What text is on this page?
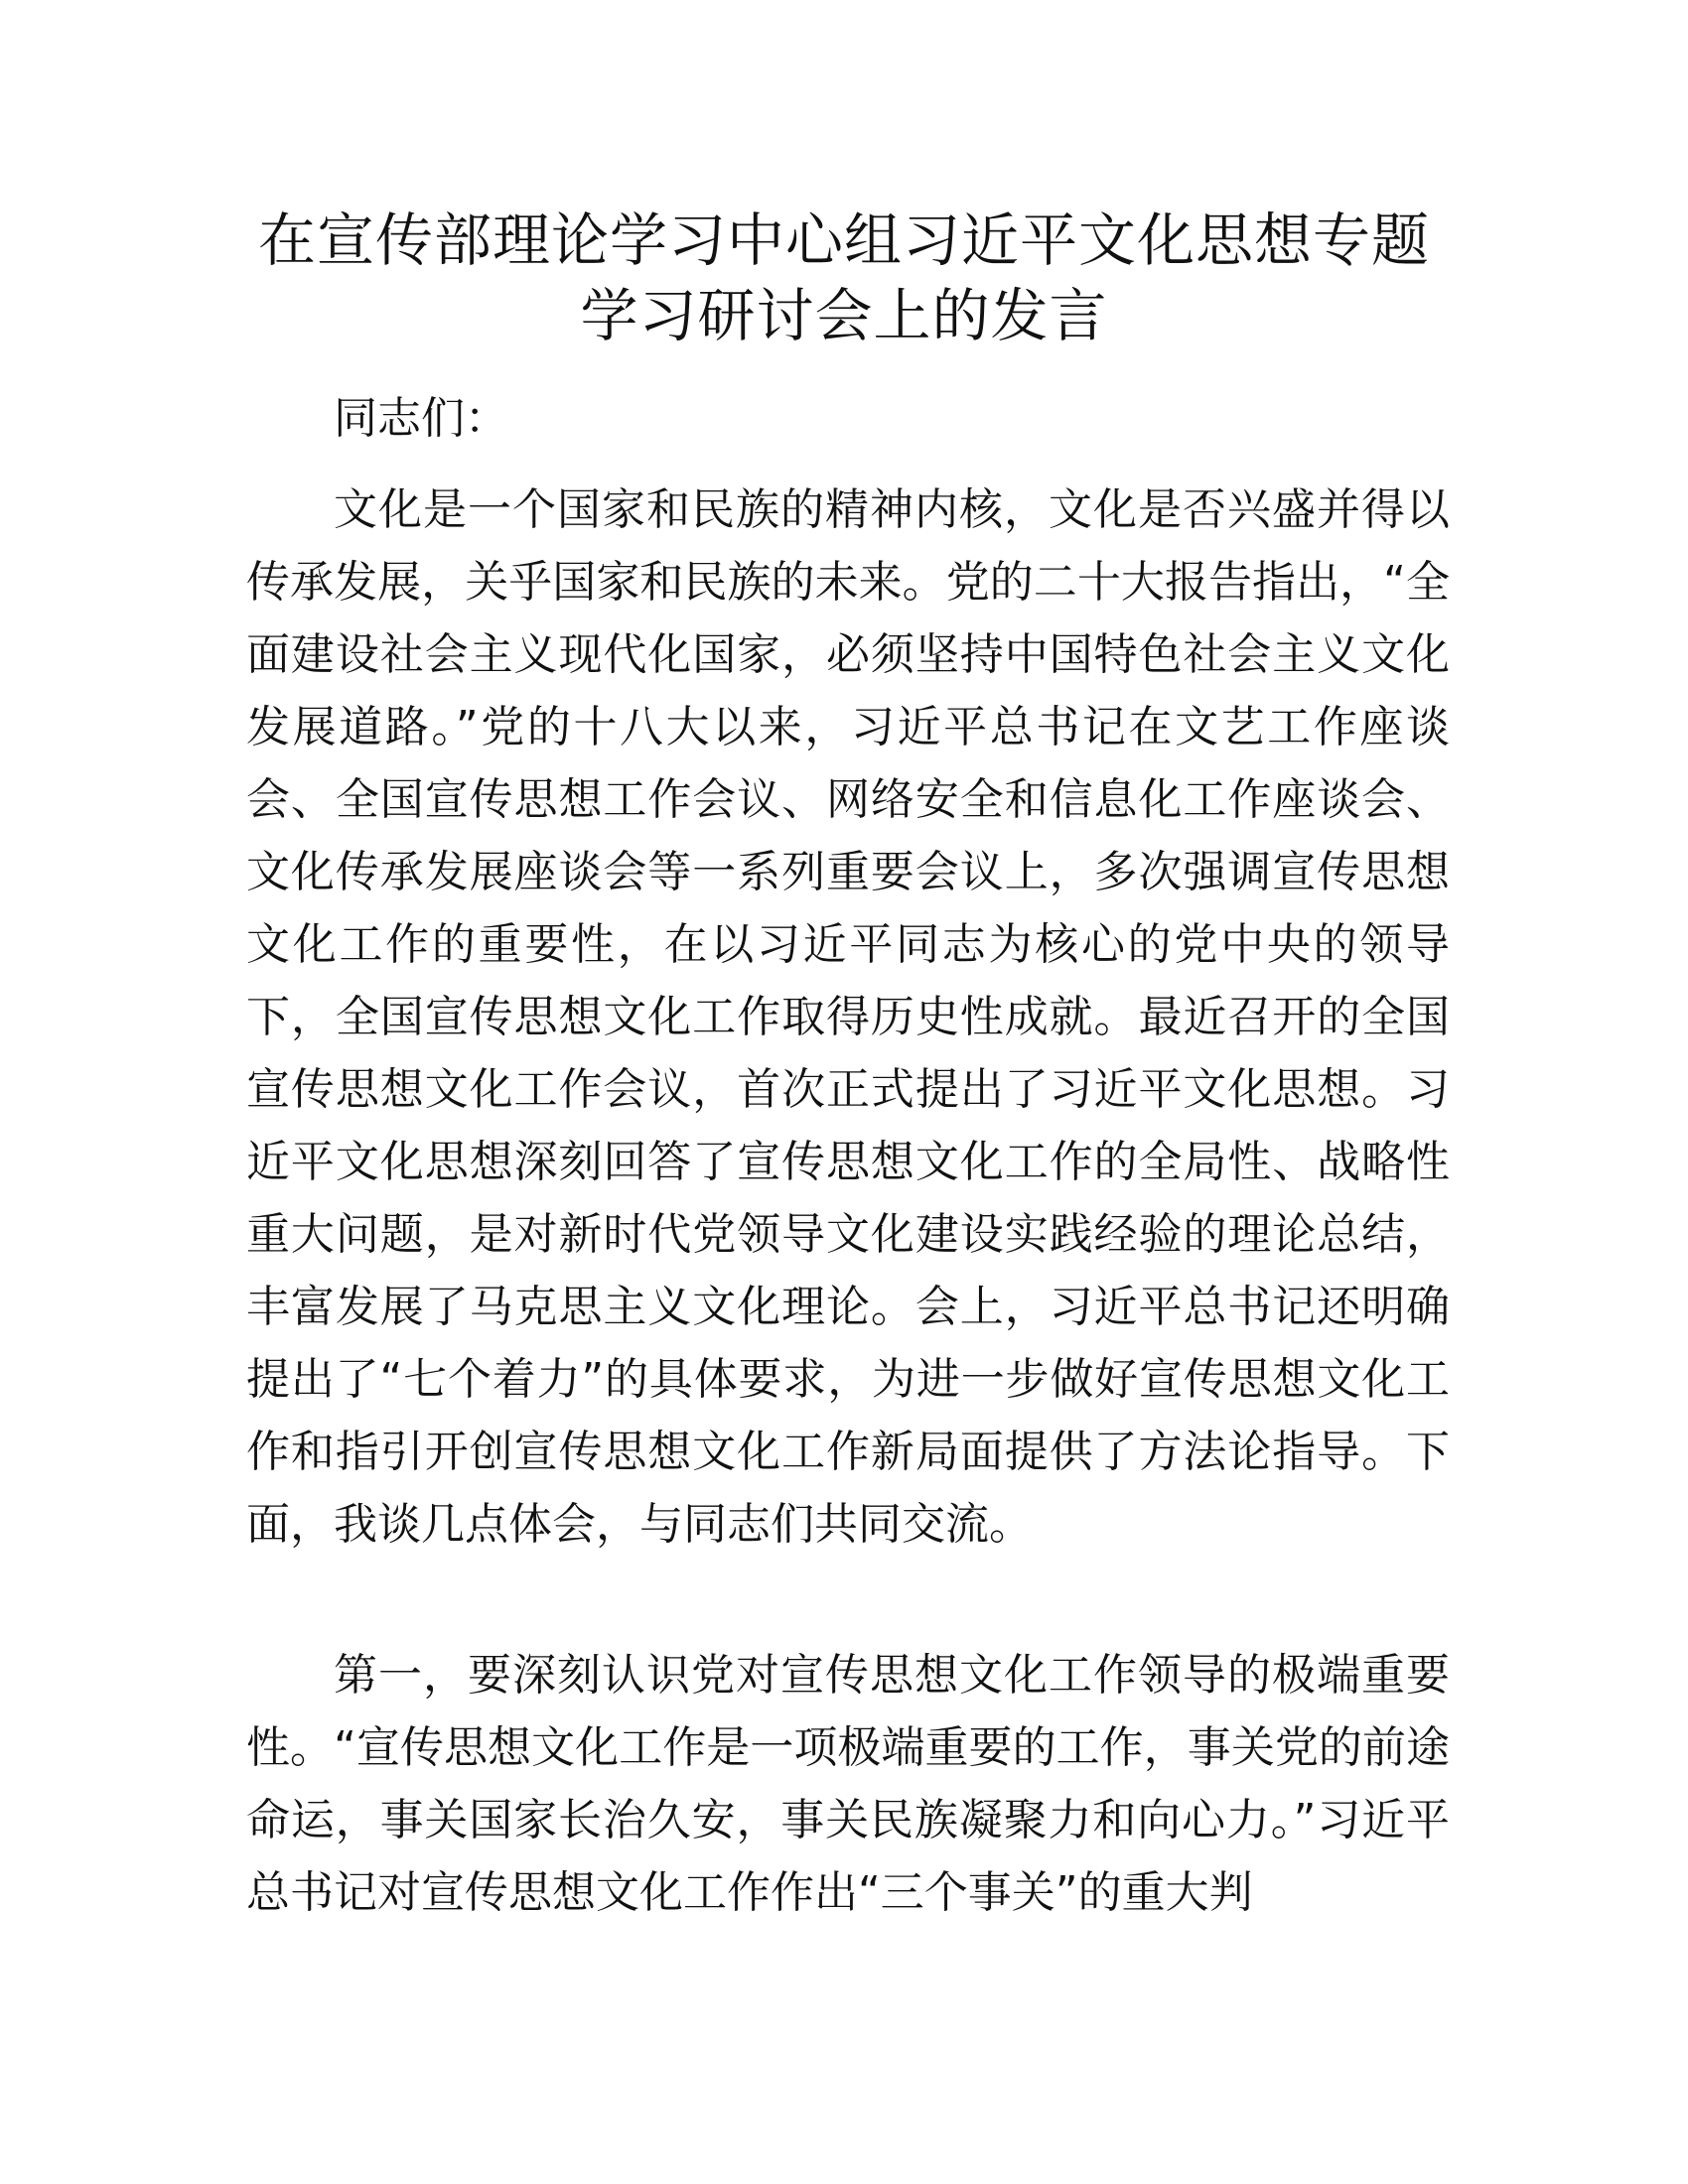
在宣传部理论学习中心组习近平文化思想专题
学习研讨会上的发言

同志们：

文化是一个国家和民族的精神内核，文化是否兴盛并得以传承发展，关乎国家和民族的未来。党的二十大报告指出，“全面建设社会主义现代化国家，必须坚持中国特色社会主义文化发展道路。”党的十八大以来，习近平总书记在文艺工作座谈会、全国宣传思想工作会议、网络安全和信息化工作座谈会、文化传承发展座谈会等一系列重要会议上，多次强调宣传思想文化工作的重要性，在以习近平同志为核心的党中央的领导下，全国宣传思想文化工作取得历史性成就。最近召开的全国宣传思想文化工作会议，首次正式提出了习近平文化思想。习近平文化思想深刻回答了宣传思想文化工作的全局性、战略性重大问题，是对新时代党领导文化建设实践经验的理论总结，丰富发展了马克思主义文化理论。会上，习近平总书记还明确提出了“七个着力”的具体要求，为进一步做好宣传思想文化工作和指引开创宣传思想文化工作新局面提供了方法论指导。下面，我谈几点体会，与同志们共同交流。

第一，要深刻认识党对宣传思想文化工作领导的极端重要性。“宣传思想文化工作是一项极端重要的工作，事关党的前途命运，事关国家长治久安，事关民族凝聚力和向心力。”习近平总书记对宣传思想文化工作作出“三个事关”的重大判
